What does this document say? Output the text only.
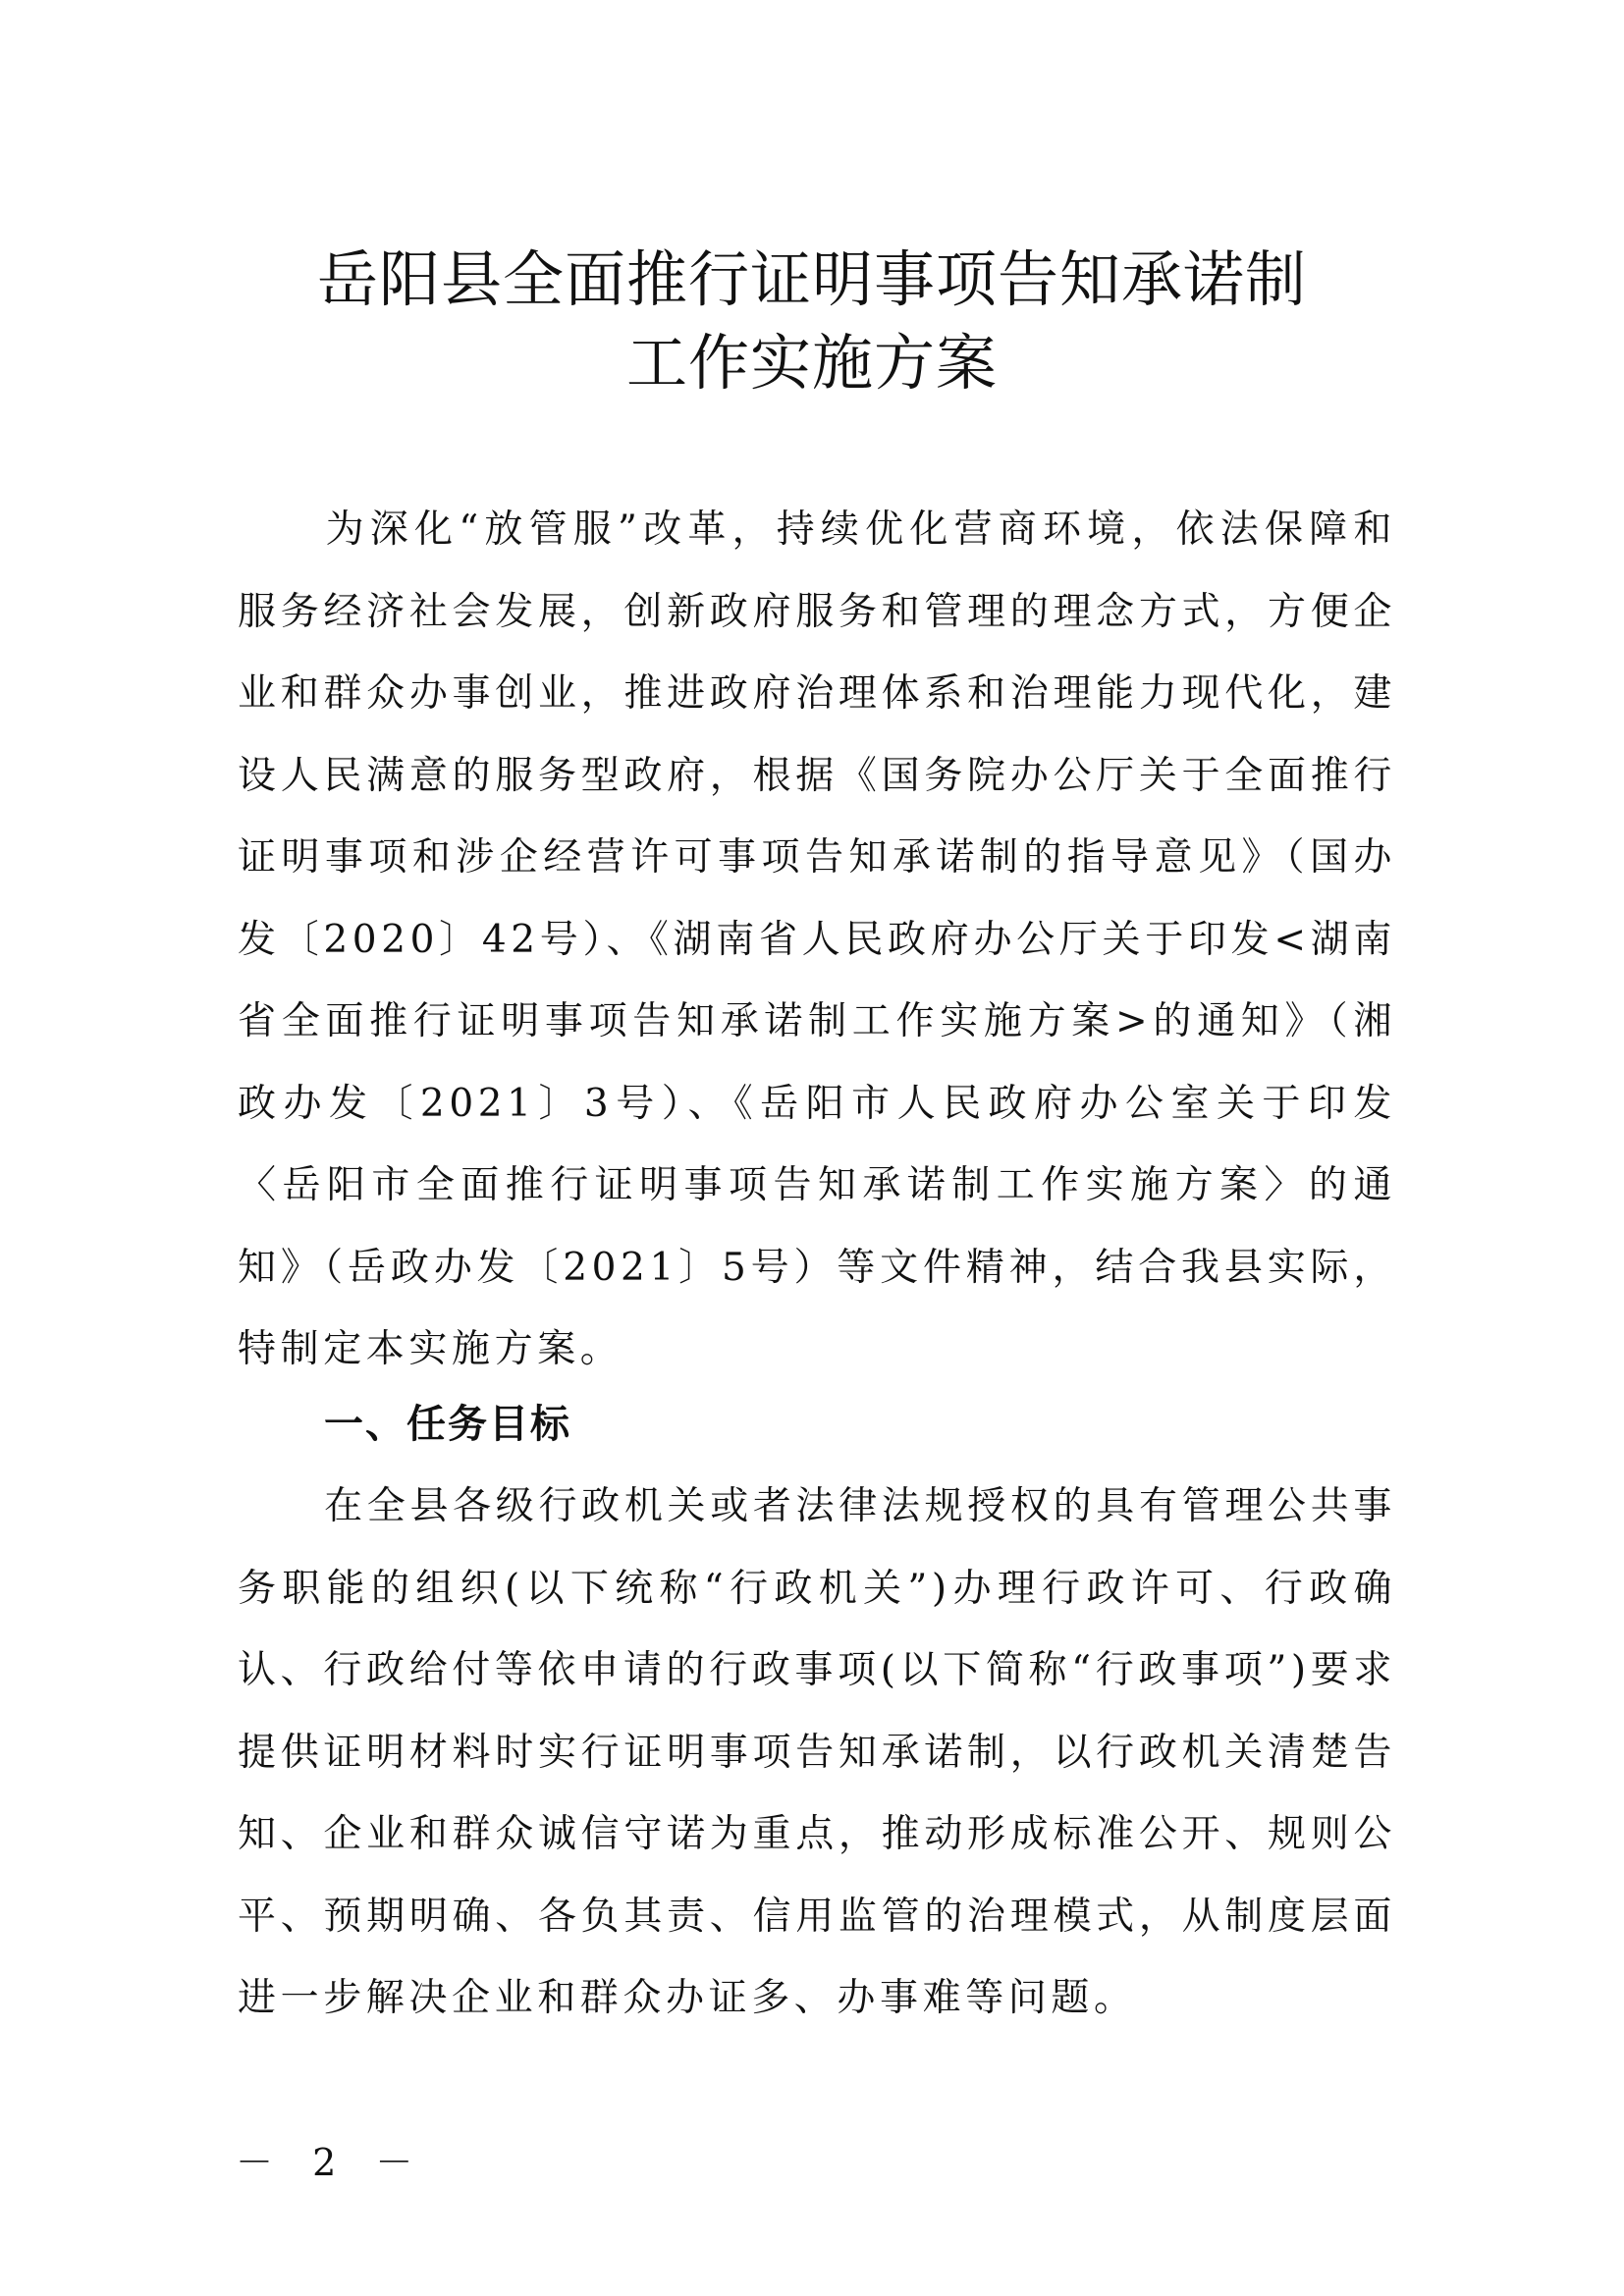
岳阳县全面推行证明事项告知承诺制
工作实施方案

为深化“放管服”改革，持续优化营商环境，依法保障和服务经济社会发展，创新政府服务和管理的理念方式，方便企业和群众办事创业，推进政府治理体系和治理能力现代化，建设人民满意的服务型政府，根据《国务院办公厅关于全面推行证明事项和涉企经营许可事项告知承诺制的指导意见》（国办发〔2020〕42号）、《湖南省人民政府办公厅关于印发<湖南省全面推行证明事项告知承诺制工作实施方案>的通知》（湘政办发〔2021〕3号）、《岳阳市人民政府办公室关于印发〈岳阳市全面推行证明事项告知承诺制工作实施方案〉的通知》（岳政办发〔2021〕5号）等文件精神，结合我县实际，特制定本实施方案。

一、任务目标

在全县各级行政机关或者法律法规授权的具有管理公共事务职能的组织(以下统称“行政机关”)办理行政许可、行政确认、行政给付等依申请的行政事项(以下简称“行政事项”)要求提供证明材料时实行证明事项告知承诺制，以行政机关清楚告知、企业和群众诚信守诺为重点，推动形成标准公开、规则公平、预期明确、各负其责、信用监管的治理模式，从制度层面进一步解决企业和群众办证多、办事难等问题。

－ 2 －
